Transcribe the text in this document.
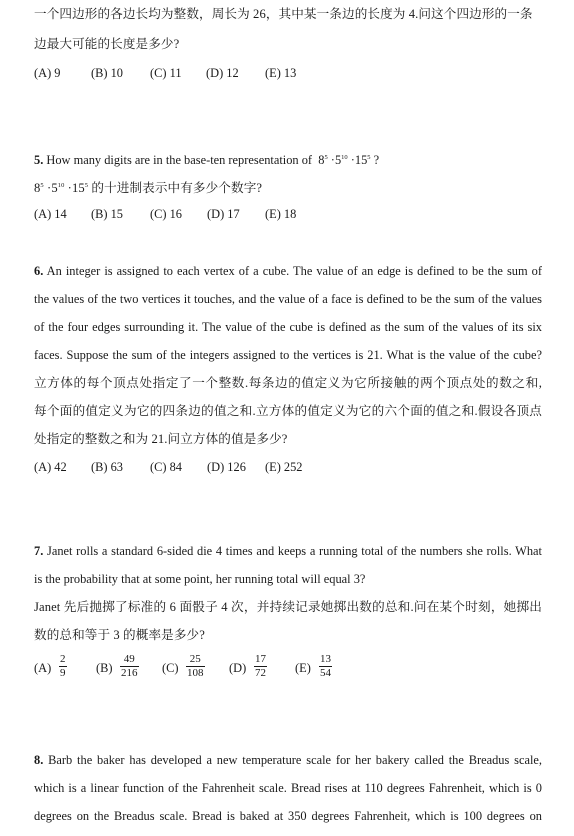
一个四边形的各边长均为整数，周长为 26，其中某一条边的长度为 4.问这个四边形的一条
边最大可能的长度是多少?
(A) 9 (B) 10 (C) 11 (D) 12 (E) 13
5. How many digits are in the base-ten representation of $8^5 \cdot 5^{10} \cdot 15^5$ ?
$8^5 \cdot 5^{10} \cdot 15^5$ 的十进制表示中有多少个数字?
(A) 14 (B) 15 (C) 16 (D) 17 (E) 18
6. An integer is assigned to each vertex of a cube. The value of an edge is defined to be the sum of
the values of the two vertices it touches, and the value of a face is defined to be the sum of the values
of the four edges surrounding it. The value of the cube is defined as the sum of the values of its six
faces. Suppose the sum of the integers assigned to the vertices is 21. What is the value of the cube?
立方体的每个顶点处指定了一个整数.每条边的值定义为它所接触的两个顶点处的数之和,
每个面的值定义为它的四条边的值之和.立方体的值定义为它的六个面的值之和.假设各顶点
处指定的整数之和为 21.问立方体的值是多少?
(A) 42 (B) 63 (C) 84 (D) 126 (E) 252
7. Janet rolls a standard 6-sided die 4 times and keeps a running total of the numbers she rolls. What
is the probability that at some point, her running total will equal 3?
Janet 先后抛掷了标准的 6 面骰子 4 次，并持续记录她掷出数的总和.问在某个时刻，她掷出
数的总和等于 3 的概率是多少?
$(A) \frac{2}{9} (B) \frac{49}{216} (C) \frac{25}{108} (D) \frac{17}{72} (E) \frac{13}{54}$
8. Barb the baker has developed a new temperature scale for her bakery called the Breadus scale,
which is a linear function of the Fahrenheit scale. Bread rises at 110 degrees Fahrenheit, which is 0
degrees on the Breadus scale. Bread is baked at 350 degrees Fahrenheit, which is 100 degrees on
